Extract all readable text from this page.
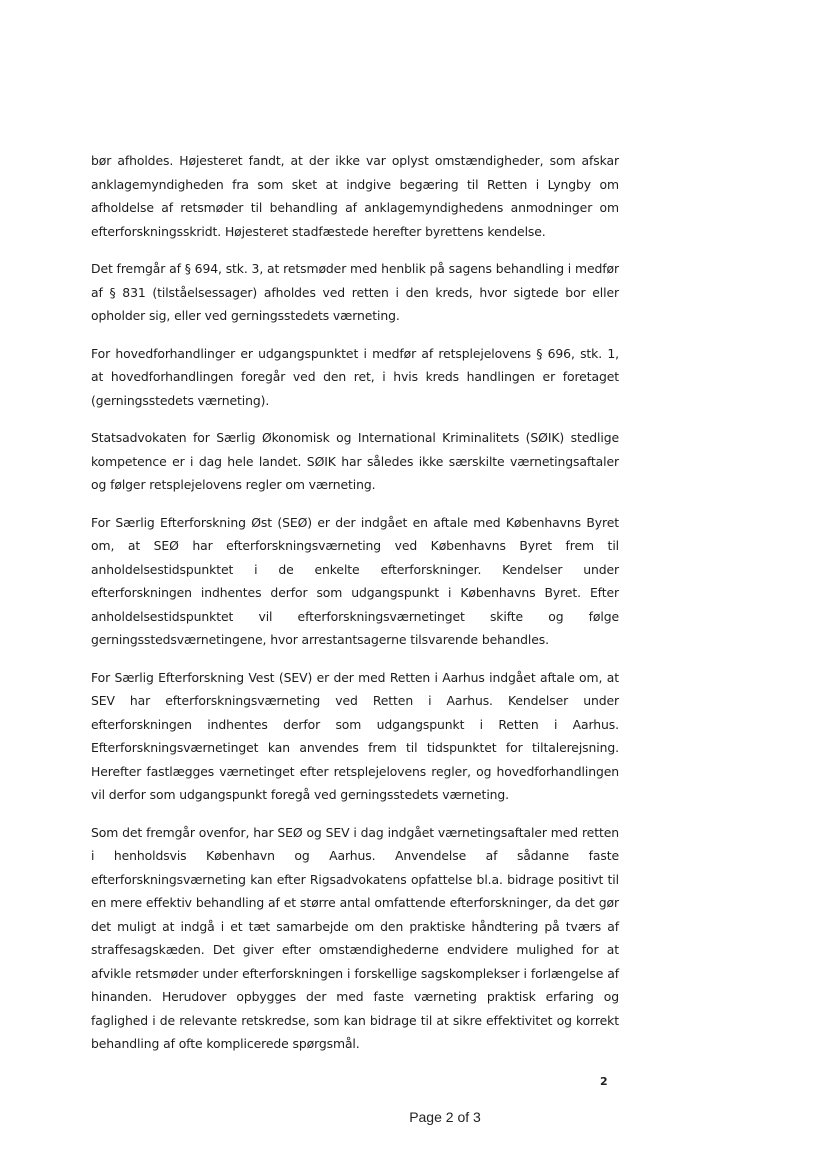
bør afholdes. Højesteret fandt, at der ikke var oplyst omstændigheder, som afskar anklagemyndigheden fra som sket at indgive begæring til Retten i Lyngby om afholdelse af retsmøder til behandling af anklagemyndighedens anmodninger om efterforskningsskridt. Højesteret stadfæstede herefter byrettens kendelse.

Det fremgår af § 694, stk. 3, at retsmøder med henblik på sagens behandling i medfør af § 831 (tilståelsessager) afholdes ved retten i den kreds, hvor sigtede bor eller opholder sig, eller ved gerningsstedets værneting.

For hovedforhandlinger er udgangspunktet i medfør af retsplejelovens § 696, stk. 1, at hovedforhandlingen foregår ved den ret, i hvis kreds handlingen er foretaget (gerningsstedets værneting).

Statsadvokaten for Særlig Økonomisk og International Kriminalitets (SØIK) stedlige kompetence er i dag hele landet. SØIK har således ikke særskilte værnetingsaftaler og følger retsplejelovens regler om værneting.

For Særlig Efterforskning Øst (SEØ) er der indgået en aftale med Københavns Byret om, at SEØ har efterforskningsværneting ved Københavns Byret frem til anholdelsestidspunktet i de enkelte efterforskninger. Kendelser under efterforskningen indhentes derfor som udgangspunkt i Københavns Byret. Efter anholdelsestidspunktet vil efterforskningsværnetinget skifte og følge gerningsstedsværnetingene, hvor arrestantsagerne tilsvarende behandles.

For Særlig Efterforskning Vest (SEV) er der med Retten i Aarhus indgået aftale om, at SEV har efterforskningsværneting ved Retten i Aarhus. Kendelser under efterforskningen indhentes derfor som udgangspunkt i Retten i Aarhus. Efterforskningsværnetinget kan anvendes frem til tidspunktet for tiltalerejsning. Herefter fastlægges værnetinget efter retsplejelovens regler, og hovedforhandlingen vil derfor som udgangspunkt foregå ved gerningsstedets værneting.

Som det fremgår ovenfor, har SEØ og SEV i dag indgået værnetingsaftaler med retten i henholdsvis København og Aarhus. Anvendelse af sådanne faste efterforskningsværneting kan efter Rigsadvokatens opfattelse bl.a. bidrage positivt til en mere effektiv behandling af et større antal omfattende efterforskninger, da det gør det muligt at indgå i et tæt samarbejde om den praktiske håndtering på tværs af straffesagskæden. Det giver efter omstændighederne endvidere mulighed for at afvikle retsmøder under efterforskningen i forskellige sagskomplekser i forlængelse af hinanden. Herudover opbygges der med faste værneting praktisk erfaring og faglighed i de relevante retskredse, som kan bidrage til at sikre effektivitet og korrekt behandling af ofte komplicerede spørgsmål.

2
Page 2 of 3
